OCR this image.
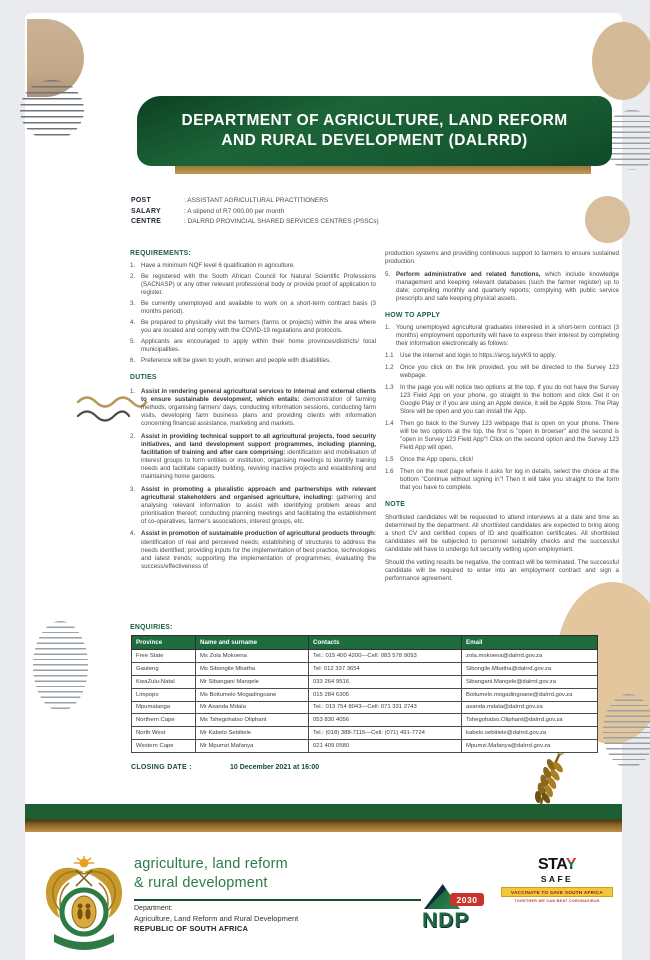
DEPARTMENT OF AGRICULTURE, LAND REFORM
AND RURAL DEVELOPMENT (DALRRD)
POST	: ASSISTANT AGRICULTURAL PRACTITIONERS
SALARY	: A stipend of R7 000.00 per month
CENTRE	: DALRRD PROVINCIAL SHARED SERVICES CENTRES (PSSCs)
REQUIREMENTS:
1. Have a minimum NQF level 6 qualification in agriculture.
2. Be registered with the South African Council for Natural Scientific Professions (SACNASP) or any other relevant professional body or provide proof of application to register.
3. Be currently unemployed and available to work on a short-term contract basis (3 months period).
4. Be prepared to physically visit the farmers (farms or projects) within the area where you are located and comply with the COVID-19 regulations and protocols.
5. Applicants are encouraged to apply within their home provinces/districts/ local municipalities.
6. Preference will be given to youth, women and people with disabilities.
DUTIES
1. Assist in rendering general agricultural services to internal and external clients to ensure sustainable development, which entails: demonstration of farming methods, organising farmers' days, conducting information sessions, conducting farm visits, developing farm business plans and providing clients with information concerning financial assistance, marketing and markets.
2. Assist in providing technical support to all agricultural projects, food security initiatives, and land development support programmes, including planning, facilitation of training and after care comprising: identification and mobilisation of interest groups to form entities or institution; organising meetings to identify training needs and facilitate capacity building, reviving inactive projects and establishing and maintaining home gardens.
3. Assist in promoting a pluralistic approach and partnerships with relevant agricultural stakeholders and organised agriculture, including: gathering and analysing relevant information to assist with identifying problem areas and prioritisation thereof; conducting planning meetings and facilitating the establishment of co-operatives, farmer's associations, interest groups, etc.
4. Assist in promotion of sustainable production of agricultural products through: identification of real and perceived needs; establishing of structures to address the needs identified; providing inputs for the implementation of best practice, technologies and latest trends; supporting the implementation of programmes; evaluating the success/effectiveness of
production systems and providing continuous support to farmers to ensure sustained production.
5. Perform administrative and related functions, which include knowledge management and keeping relevant databases (such the farmer register) up to date; compiling monthly and quarterly reports; complying with public service prescripts and safe keeping physical assets.
HOW TO APPLY
1. Young unemployed agricultural graduates interested in a short-term contract (3 months) employment opportunity will have to express their interest by completing their information electronically as follows:
1.1	Use the internet and login to https://arcg.is/yvK9 to apply.
1.2	Once you click on the link provided, you will be directed to the Survey 123 webpage.
1.3	In the page you will notice two options at the top. If you do not have the Survey 123 Field App on your phone, go straight to the bottom and click Get it on Google Play or if you are using an Apple device, it will be Apple Store. The Play Store will be open and you can install the App.
1.4	Then go back to the Survey 123 webpage that is open on your phone. There will be two options at the top, the first is "open in browser" and the second is "open in Survey 123 Field App"! Click on the second option and the Survey 123 Field App will open.
1.5	Once the App opens, click!
1.6	Then on the next page where it asks for log in details, select the choice at the bottom "Continue without signing in"! Then it will take you straight to the form that you have to complete.
NOTE
Shortlisted candidates will be requested to attend interviews at a date and time as determined by the department. All shortlisted candidates are expected to bring along a short CV and certified copies of ID and qualification certificates. All shortlisted candidates will be subjected to personnel suitability checks and the successful candidate will have to undergo full security vetting upon employment.
Should the vetting results be negative, the contract will be terminated. The successful candidate will be required to enter into an employment contract and sign a performance agreement.
ENQUIRIES:
Province	Name and surname	Contacts	Email
Free State	Ms Zola Mokoena	Tel.: 015 400 4200—Cell: 083 578 9093	zola.mokoena@dalrrd.gov.za
Gauteng	Ms Sibongile Mbatha	Tel: 012 337 3654	Sibongile.Mbatha@dalrrd.gov.za
KwaZulu-Natal	Mr Sibangani Manqele	033 264 9516	Sibangani.Manqele@dalrrd.gov.za
Limpopo	Ms Boitumelo Mogadingoane	015 284 6305	Boitumelo.mogadingoane@dalrrd.gov.za
Mpumalanga	Mr Asanda Mdala	Tel.: 013 754 8043—Cell: 071 331 2743	asanda.mdala@dalrrd.gov.za
Northern Cape	Ms Tshegohatso Oliphant	053 830 4056	Tshegohatso.Oliphant@dalrrd.gov.za
North West	Mr Kabelo Sebitiele	Tel.: (018) 388-7115—Cell: (071) 491-7724	kabelo.sebitiele@dalrrd.gov.za
Western Cape	Mr Mpumzi Mafanya	021 409 0580	Mpumzi.Mafanya@dalrrd.gov.za
CLOSING DATE :	10 December 2021 at 16:00
agriculture, land reform
& rural development
Department:
Agriculture, Land Reform and Rural Development
REPUBLIC OF SOUTH AFRICA
2030
NDP
STAY
SAFE
VACCINATE TO SAVE SOUTH AFRICA
TOGETHER WE CAN BEAT CORONAVIRUS
